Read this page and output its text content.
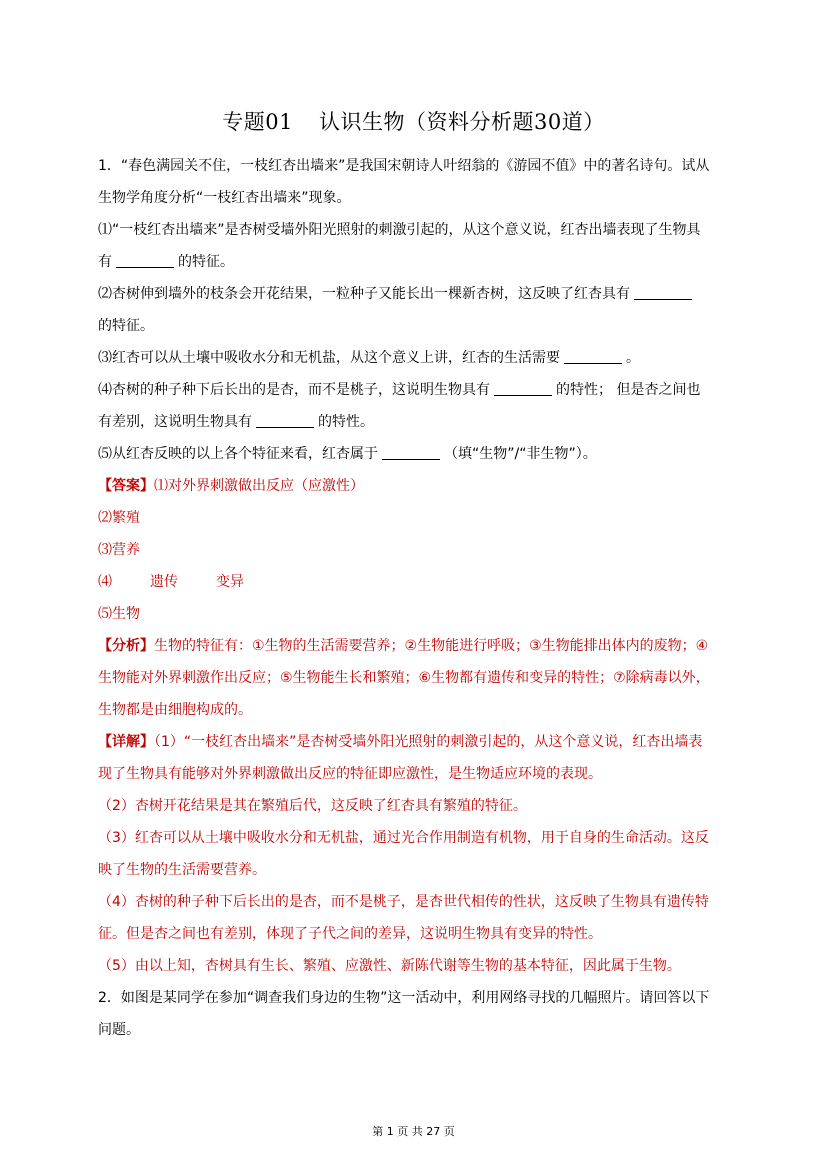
专题01 认识生物（资料分析题30道）
1．“春色满园关不住，一枝红杏出墙来”是我国宋朝诗人叶绍翁的《游园不值》中的著名诗句。试从
生物学角度分析“一枝红杏出墙来”现象。
⑴“一枝红杏出墙来”是杏树受墙外阳光照射的刺激引起的，从这个意义说，红杏出墙表现了生物具
有	的特征。
⑵杏树伸到墙外的枝条会开花结果，一粒种子又能长出一棵新杏树，这反映了红杏具有
的特征。
⑶红杏可以从土壤中吸收水分和无机盐，从这个意义上讲，红杏的生活需要	。
⑷杏树的种子种下后长出的是杏，而不是桃子，这说明生物具有	的特性； 但是杏之间也
有差别，这说明生物具有	的特性。
⑸从红杏反映的以上各个特征来看，红杏属于	（填“生物”/“非生物”）。
【答案】⑴对外界刺激做出反应（应激性）
⑵繁殖
⑶营养
⑷	遗传	变异
⑸生物
【分析】生物的特征有：①生物的生活需要营养；②生物能进行呼吸；③生物能排出体内的废物；④
生物能对外界刺激作出反应；⑤生物能生长和繁殖；⑥生物都有遗传和变异的特性；⑦除病毒以外，
生物都是由细胞构成的。
【详解】（1）“一枝红杏出墙来”是杏树受墙外阳光照射的刺激引起的，从这个意义说，红杏出墙表
现了生物具有能够对外界刺激做出反应的特征即应激性，是生物适应环境的表现。
（2）杏树开花结果是其在繁殖后代，这反映了红杏具有繁殖的特征。
（3）红杏可以从土壤中吸收水分和无机盐，通过光合作用制造有机物，用于自身的生命活动。这反
映了生物的生活需要营养。
（4）杏树的种子种下后长出的是杏，而不是桃子，是杏世代相传的性状，这反映了生物具有遗传特
征。但是杏之间也有差别，体现了子代之间的差异，这说明生物具有变异的特性。
（5）由以上知，杏树具有生长、繁殖、应激性、新陈代谢等生物的基本特征，因此属于生物。
2．如图是某同学在参加“调查我们身边的生物”这一活动中，利用网络寻找的几幅照片。请回答以下
问题。
第 1 页 共 27 页
